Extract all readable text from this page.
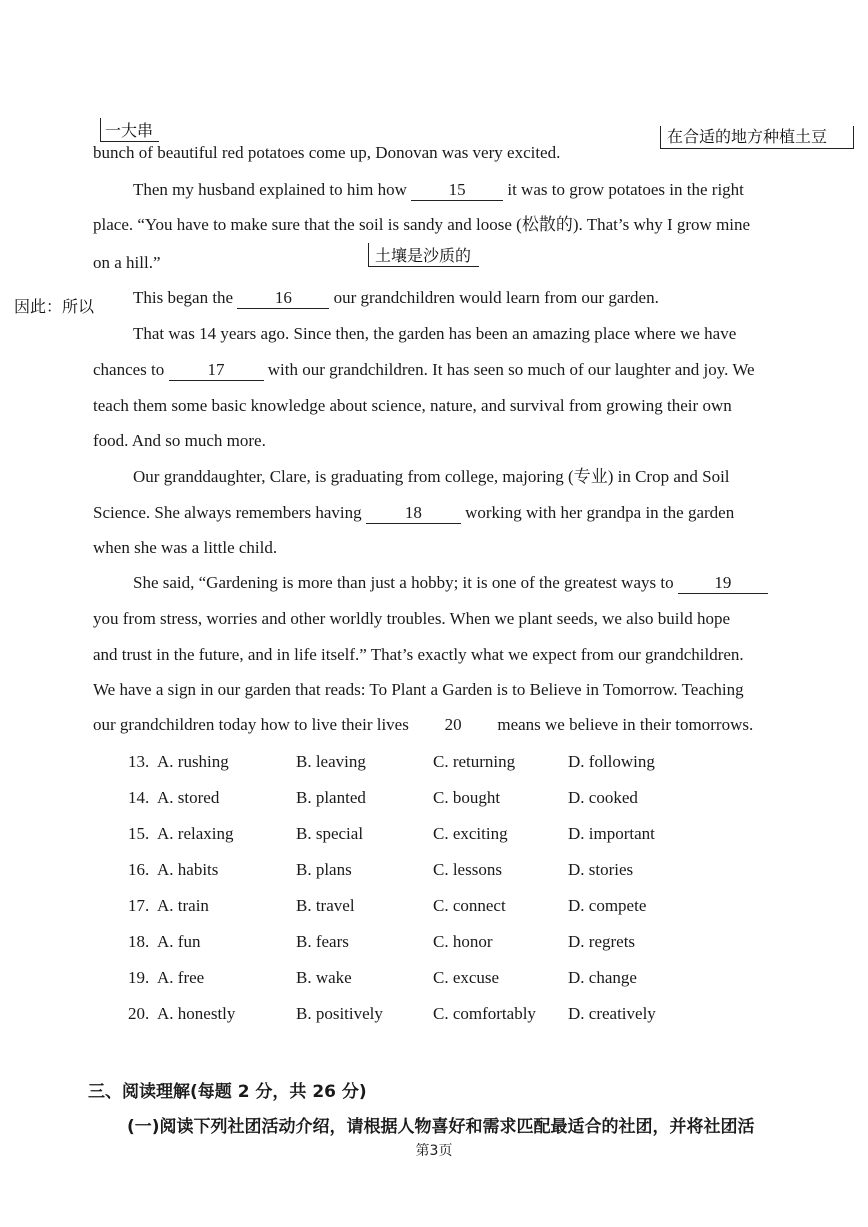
一大串	在合适的地方种植土豆
土壤是沙质的
因此：所以
bunch of beautiful red potatoes come up, Donovan was very excited.
Then my husband explained to him how 15 it was to grow potatoes in the right
place. “You have to make sure that the soil is sandy and loose (松散的). That’s why I grow mine
on a hill.”
This began the 16 our grandchildren would learn from our garden.
That was 14 years ago. Since then, the garden has been an amazing place where we have
chances to 17 with our grandchildren. It has seen so much of our laughter and joy. We
teach them some basic knowledge about science, nature, and survival from growing their own
food. And so much more.
Our granddaughter, Clare, is graduating from college, majoring (专业) in Crop and Soil
Science. She always remembers having 18 working with her grandpa in the garden
when she was a little child.
She said, “Gardening is more than just a hobby; it is one of the greatest ways to 19
you from stress, worries and other worldly troubles. When we plant seeds, we also build hope
and trust in the future, and in life itself.” That’s exactly what we expect from our grandchildren.
We have a sign in our garden that reads: To Plant a Garden is to Believe in Tomorrow. Teaching
our grandchildren today how to live their lives 20 means we believe in their tomorrows.
13. A. rushing	B. leaving	C. returning	D. following
14. A. stored	B. planted	C. bought	D. cooked
15. A. relaxing	B. special	C. exciting	D. important
16. A. habits	B. plans	C. lessons	D. stories
17. A. train	B. travel	C. connect	D. compete
18. A. fun	B. fears	C. honor	D. regrets
19. A. free	B. wake	C. excuse	D. change
20. A. honestly	B. positively	C. comfortably D. creatively
三、阅读理解(每题 2 分，共 26 分)
(一)阅读下列社团活动介绍，请根据人物喜好和需求匹配最适合的社团，并将社团活
第3页
